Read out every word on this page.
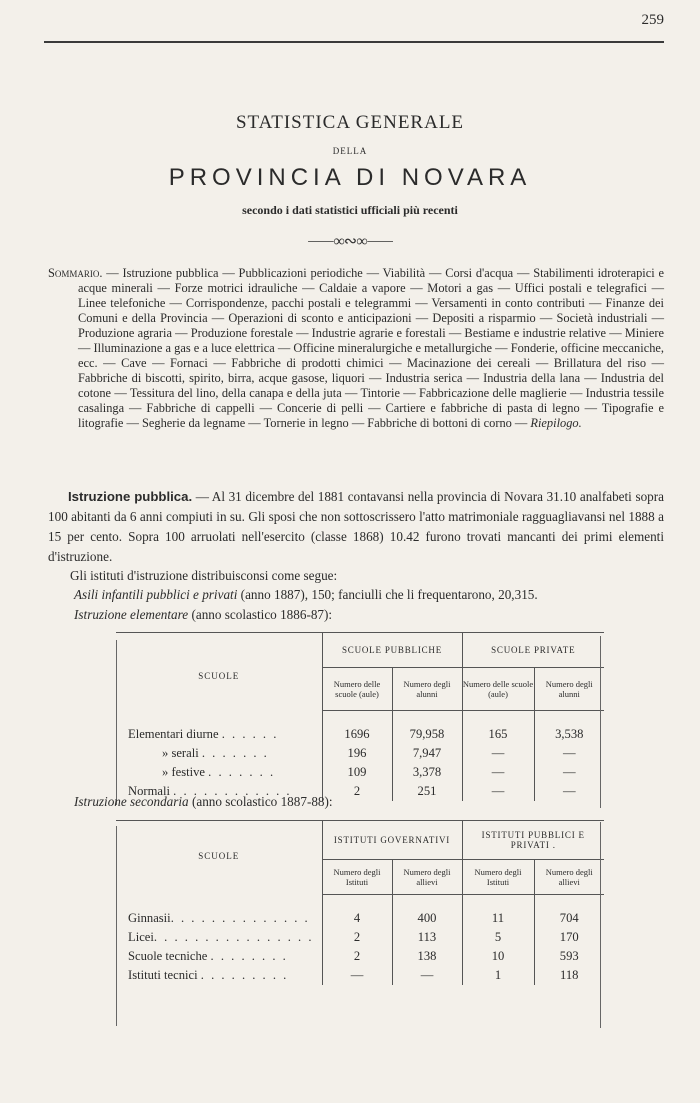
259
STATISTICA GENERALE
DELLA
PROVINCIA DI NOVARA
secondo i dati statistici ufficiali più recenti
⸺∞∾∞⸺
Sommario. — Istruzione pubblica — Pubblicazioni periodiche — Viabilità — Corsi d'acqua — Stabilimenti idroterapici e acque minerali — Forze motrici idrauliche — Caldaie a vapore — Motori a gas — Uffici postali e telegrafici — Linee telefoniche — Corrispondenze, pacchi postali e telegrammi — Versamenti in conto contributi — Finanze dei Comuni e della Provincia — Operazioni di sconto e anticipazioni — Depositi a risparmio — Società industriali — Produzione agraria — Produzione forestale — Industrie agrarie e forestali — Bestiame e industrie relative — Miniere — Illuminazione a gas e a luce elettrica — Officine mineralurgiche e metallurgiche — Fonderie, officine meccaniche, ecc. — Cave — Fornaci — Fabbriche di prodotti chimici — Macinazione dei cereali — Brillatura del riso — Fabbriche di biscotti, spirito, birra, acque gasose, liquori — Industria serica — Industria della lana — Industria del cotone — Tessitura del lino, della canapa e della juta — Tintorie — Fabbricazione delle maglierie — Industria tessile casalinga — Fabbriche di cappelli — Concerie di pelli — Cartiere e fabbriche di pasta di legno — Tipografie e litografie — Segherie da legname — Tornerie in legno — Fabbriche di bottoni di corno — Riepilogo.
Istruzione pubblica. — Al 31 dicembre del 1881 contavansi nella provincia di Novara 31.10 analfabeti sopra 100 abitanti da 6 anni compiuti in su. Gli sposi che non sottoscrissero l'atto matrimoniale ragguagliavansi nel 1888 a 15 per cento. Sopra 100 arruolati nell'esercito (classe 1868) 10.42 furono trovati mancanti dei primi elementi d'istruzione.
Gli istituti d'istruzione distribuisconsi come segue:
Asili infantili pubblici e privati (anno 1887), 150; fanciulli che li frequentarono, 20,315.
Istruzione elementare (anno scolastico 1886-87):
SCUOLE	SCUOLE PUBBLICHE		SCUOLE PRIVATE	
	Numero delle scuole (aule)	Numero degli alunni	Numero delle scuole (aule)	Numero degli alunni
Elementari diurne . . . . . .	1696	79,958	165	3,538
» serali . . . . . . .	196	7,947	—	—
» festive . . . . . . .	109	3,378	—	—
Normali . . . . . . . . . . . .	2	251	—	—
Istruzione secondaria (anno scolastico 1887-88):
SCUOLE	ISTITUTI GOVERNATIVI		ISTITUTI PUBBLICI E PRIVATI .	
	Numero degli Istituti	Numero degli allievi	Numero degli Istituti	Numero degli allievi
Ginnasii. . . . . . . . . . . . . .	4	400	11	704
Licei. . . . . . . . . . . . . . . .	2	113	5	170
Scuole tecniche . . . . . . . .	2	138	10	593
Istituti tecnici . . . . . . . . .	—	—	1	118
